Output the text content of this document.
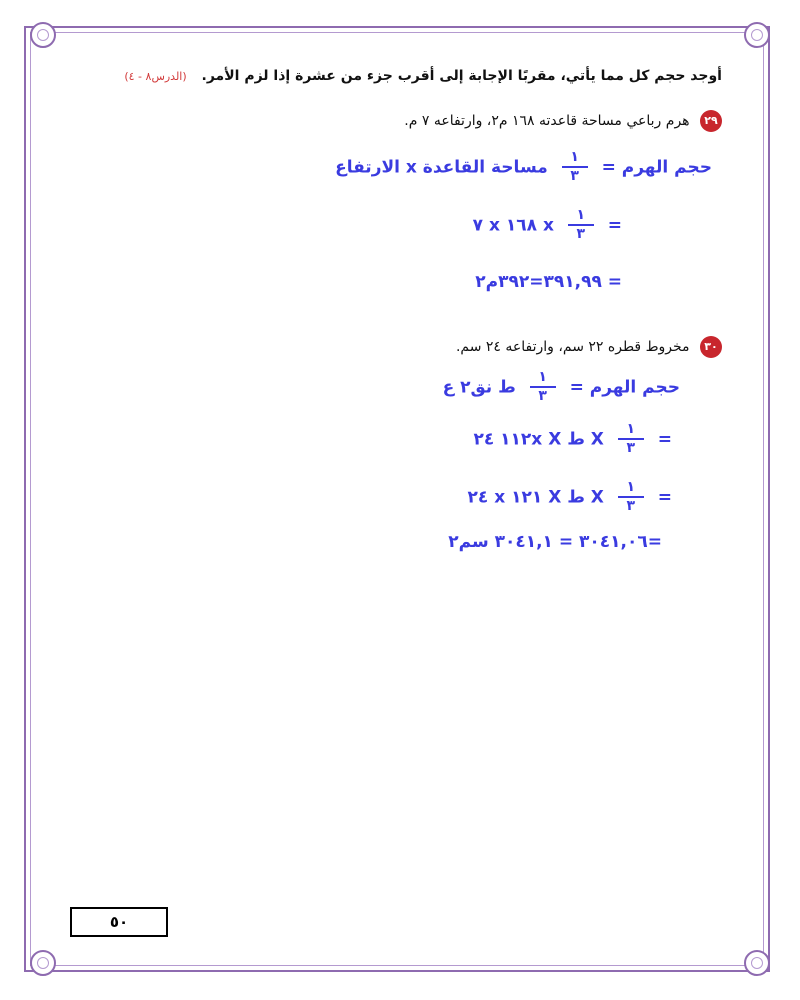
أوجد حجم كل مما يأتي، مقربًا الإجابة إلى أقرب جزء من عشرة إذا لزم الأمر. (الدرس٨ - ٤)
٢٩ هرم رباعي مساحة قاعدته ١٦٨ م٢، وارتفاعه ٧ م.
حجم الهرم =
$\frac{١}{٣}$
مساحة القاعدة x الارتفاع
=
$\frac{١}{٣}$
x ١٦٨ x ٧
= ٣٩١,٩٩=٣٩٢م٢
٣٠ مخروط قطره ٢٢ سم، وارتفاعه ٢٤ سم.
حجم الهرم =
$\frac{١}{٣}$
ط نق٢ ع
=
$\frac{١}{٣}$
X ط X ١١٢x ٢٤
=
$\frac{١}{٣}$
X ط X ١٢١ x ٢٤
=٣٠٤١,٠٦ = ٣٠٤١,١ سم٢
٥٠
